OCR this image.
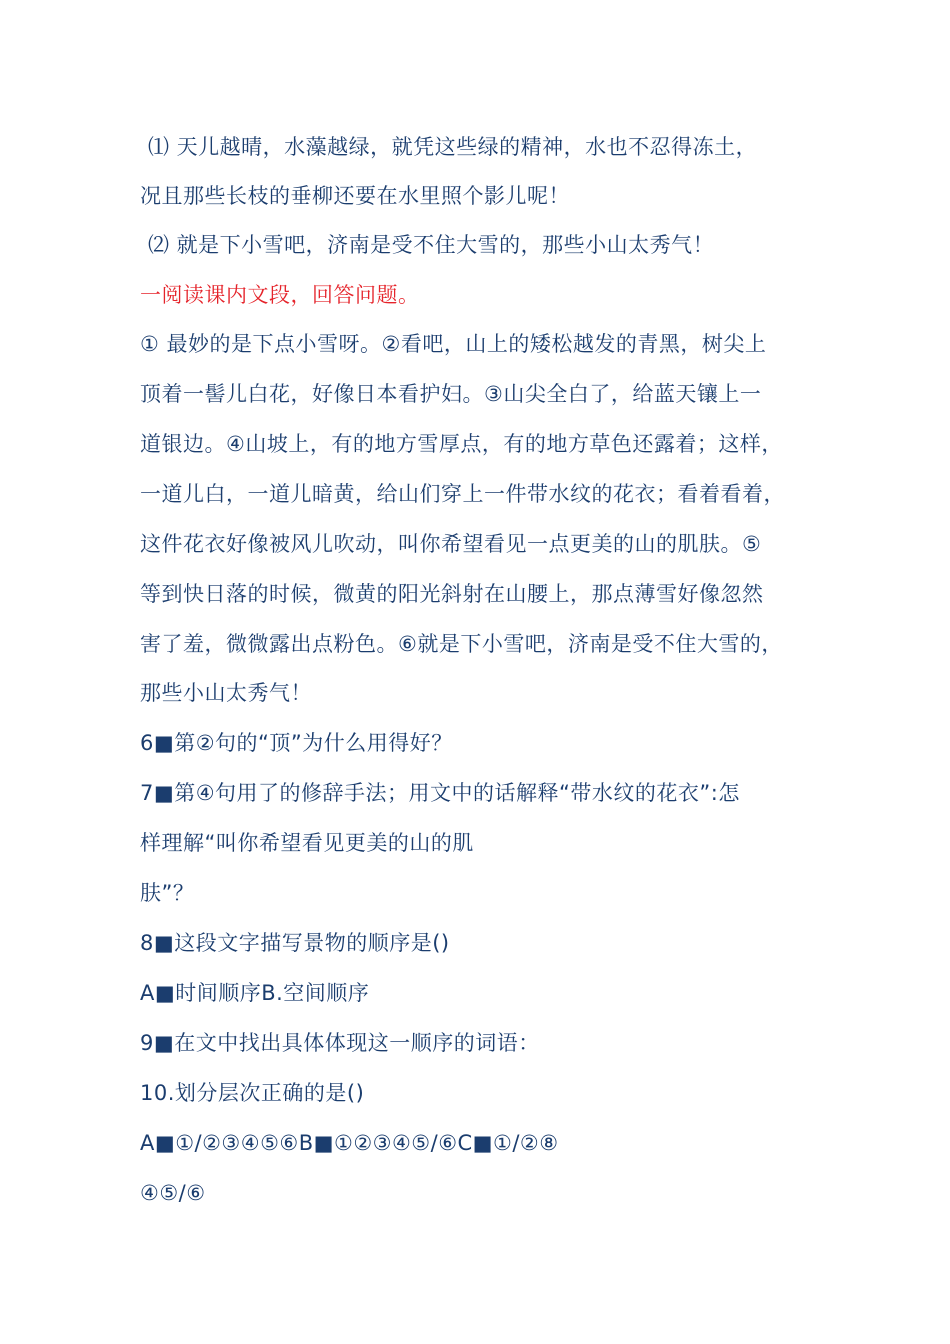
⑴ 天儿越晴，水藻越绿，就凭这些绿的精神，水也不忍得冻土，
况且那些长枝的垂柳还要在水里照个影儿呢！
⑵ 就是下小雪吧，济南是受不住大雪的，那些小山太秀气！
一阅读课内文段，回答问题。
① 最妙的是下点小雪呀。②看吧，山上的矮松越发的青黑，树尖上
顶着一髻儿白花，好像日本看护妇。③山尖全白了，给蓝天镶上一
道银边。④山坡上，有的地方雪厚点，有的地方草色还露着；这样，
一道儿白，一道儿暗黄，给山们穿上一件带水纹的花衣；看着看着，
这件花衣好像被风儿吹动，叫你希望看见一点更美的山的肌肤。⑤
等到快日落的时候，微黄的阳光斜射在山腰上，那点薄雪好像忽然
害了羞，微微露出点粉色。⑥就是下小雪吧，济南是受不住大雪的，
那些小山太秀气！
6■第②句的“顶”为什么用得好？
7■第④句用了的修辞手法；用文中的话解释“带水纹的花衣”:怎
样理解“叫你希望看见更美的山的肌
肤”？
8■这段文字描写景物的顺序是()
A■时间顺序B.空间顺序
9■在文中找出具体体现这一顺序的词语：
10.划分层次正确的是()
A■①/②③④⑤⑥B■①②③④⑤/⑥C■①/②⑧
④⑤/⑥
